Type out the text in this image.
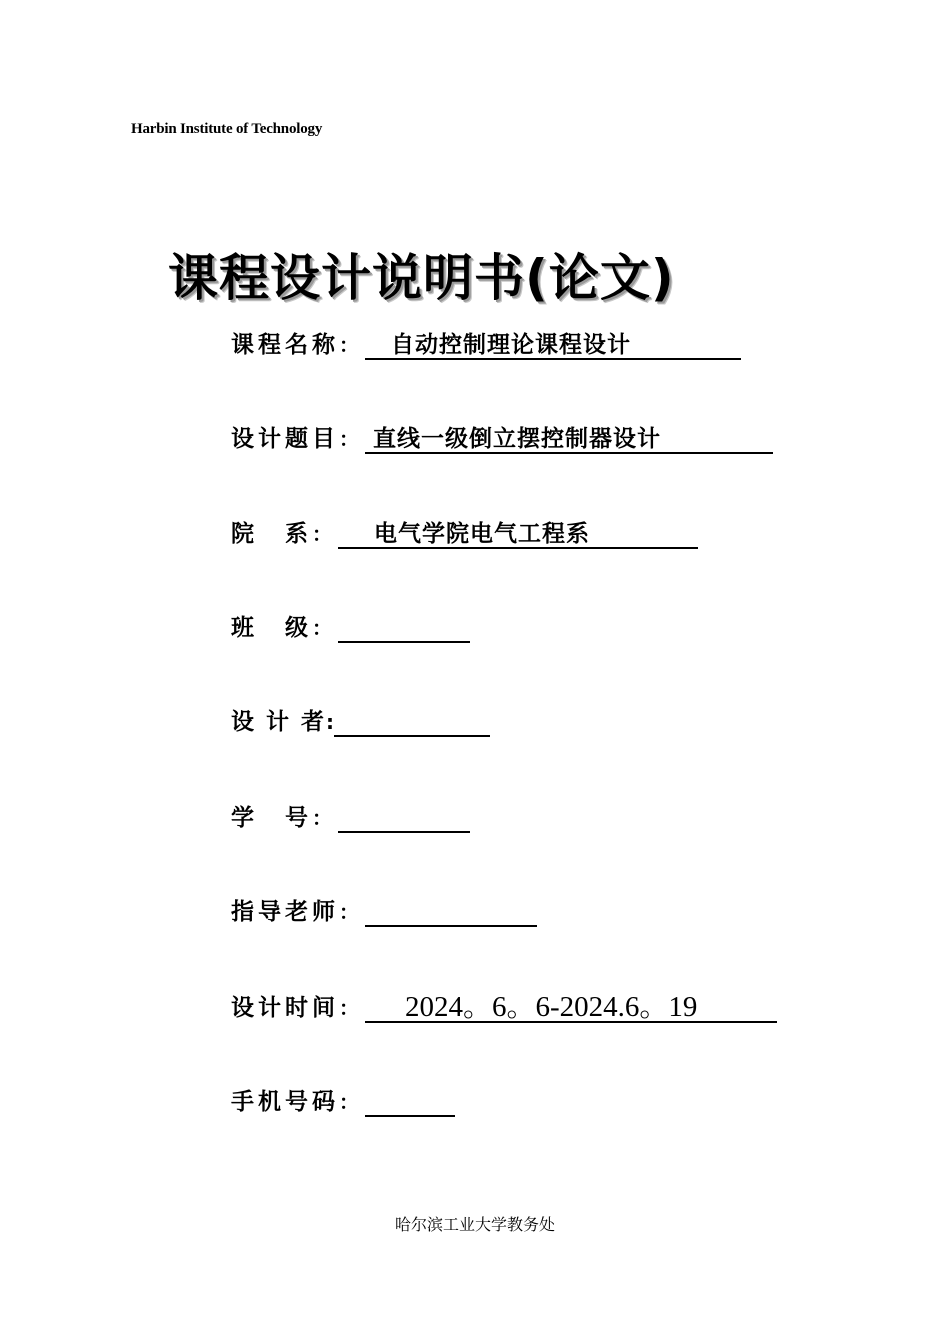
Harbin Institute of Technology
课程设计说明书(论文)
课程名称 ：	自动控制理论课程设计
设计题目 ： 直线一级倒立摆控制器设计
院　系 ：	电气学院电气工程系
班　级 ：
设 计 者 :
学　号 ：
指导老师 ：
设计时间 ：	2024。6。6-2024.6。19
手机号码 ：
哈尔滨工业大学教务处
